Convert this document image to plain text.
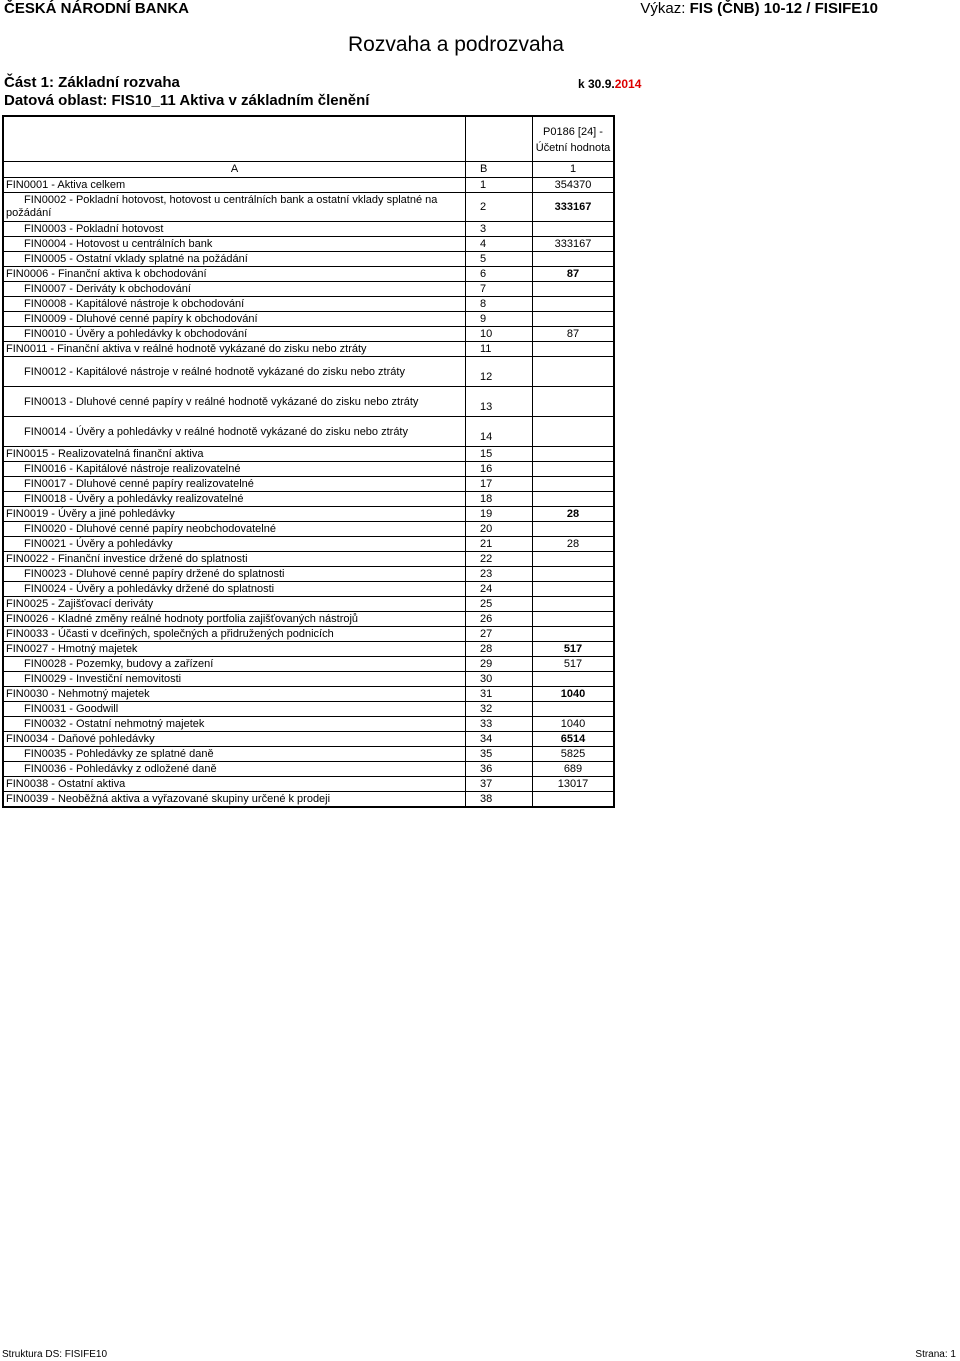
ČESKÁ NÁRODNÍ BANKA	Výkaz: FIS (ČNB) 10-12 / FISIFE10
Rozvaha a podrozvaha
Část 1: Základní rozvaha	k 30.9.2014
Datová oblast: FIS10_11 Aktiva v základním členění
		P0186 [24] - Účetní hodnota
A	B	1
FIN0001 - Aktiva celkem	1	354370
FIN0002 - Pokladní hotovost, hotovost u centrálních bank a ostatní vklady splatné na požádání	2	333167
FIN0003 - Pokladní hotovost	3	
FIN0004 - Hotovost u centrálních bank	4	333167
FIN0005 - Ostatní vklady splatné na požádání	5	
FIN0006 - Finanční aktiva k obchodování	6	87
FIN0007 - Deriváty k obchodování	7	
FIN0008 - Kapitálové nástroje k obchodování	8	
FIN0009 - Dluhové cenné papíry k obchodování	9	
FIN0010 - Úvěry a pohledávky k obchodování	10	87
FIN0011 - Finanční aktiva v reálné hodnotě vykázané do zisku nebo ztráty	11	
FIN0012 - Kapitálové nástroje v reálné hodnotě vykázané do zisku nebo ztráty	12	
FIN0013 - Dluhové cenné papíry v reálné hodnotě vykázané do zisku nebo ztráty	13	
FIN0014 - Úvěry a pohledávky v reálné hodnotě vykázané do zisku nebo ztráty	14	
FIN0015 - Realizovatelná finanční aktiva	15	
FIN0016 - Kapitálové nástroje realizovatelné	16	
FIN0017 - Dluhové cenné papíry realizovatelné	17	
FIN0018 - Úvěry a pohledávky realizovatelné	18	
FIN0019 - Úvěry a jiné pohledávky	19	28
FIN0020 - Dluhové cenné papíry neobchodovatelné	20	
FIN0021 - Úvěry a pohledávky	21	28
FIN0022 - Finanční investice držené do splatnosti	22	
FIN0023 - Dluhové cenné papíry držené do splatnosti	23	
FIN0024 - Úvěry a pohledávky držené do splatnosti	24	
FIN0025 - Zajišťovací deriváty	25	
FIN0026 - Kladné změny reálné hodnoty portfolia zajišťovaných nástrojů	26	
FIN0033 - Účasti v dceřiných, společných a přidružených podnicích	27	
FIN0027 - Hmotný majetek	28	517
FIN0028 - Pozemky, budovy a zařízení	29	517
FIN0029 - Investiční nemovitosti	30	
FIN0030 - Nehmotný majetek	31	1040
FIN0031 - Goodwill	32	
FIN0032 - Ostatní nehmotný majetek	33	1040
FIN0034 - Daňové pohledávky	34	6514
FIN0035 - Pohledávky ze splatné daně	35	5825
FIN0036 - Pohledávky z odložené daně	36	689
FIN0038 - Ostatní aktiva	37	13017
FIN0039 - Neoběžná aktiva a vyřazované skupiny určené k prodeji	38	
Struktura DS: FISIFE10	Strana: 1
